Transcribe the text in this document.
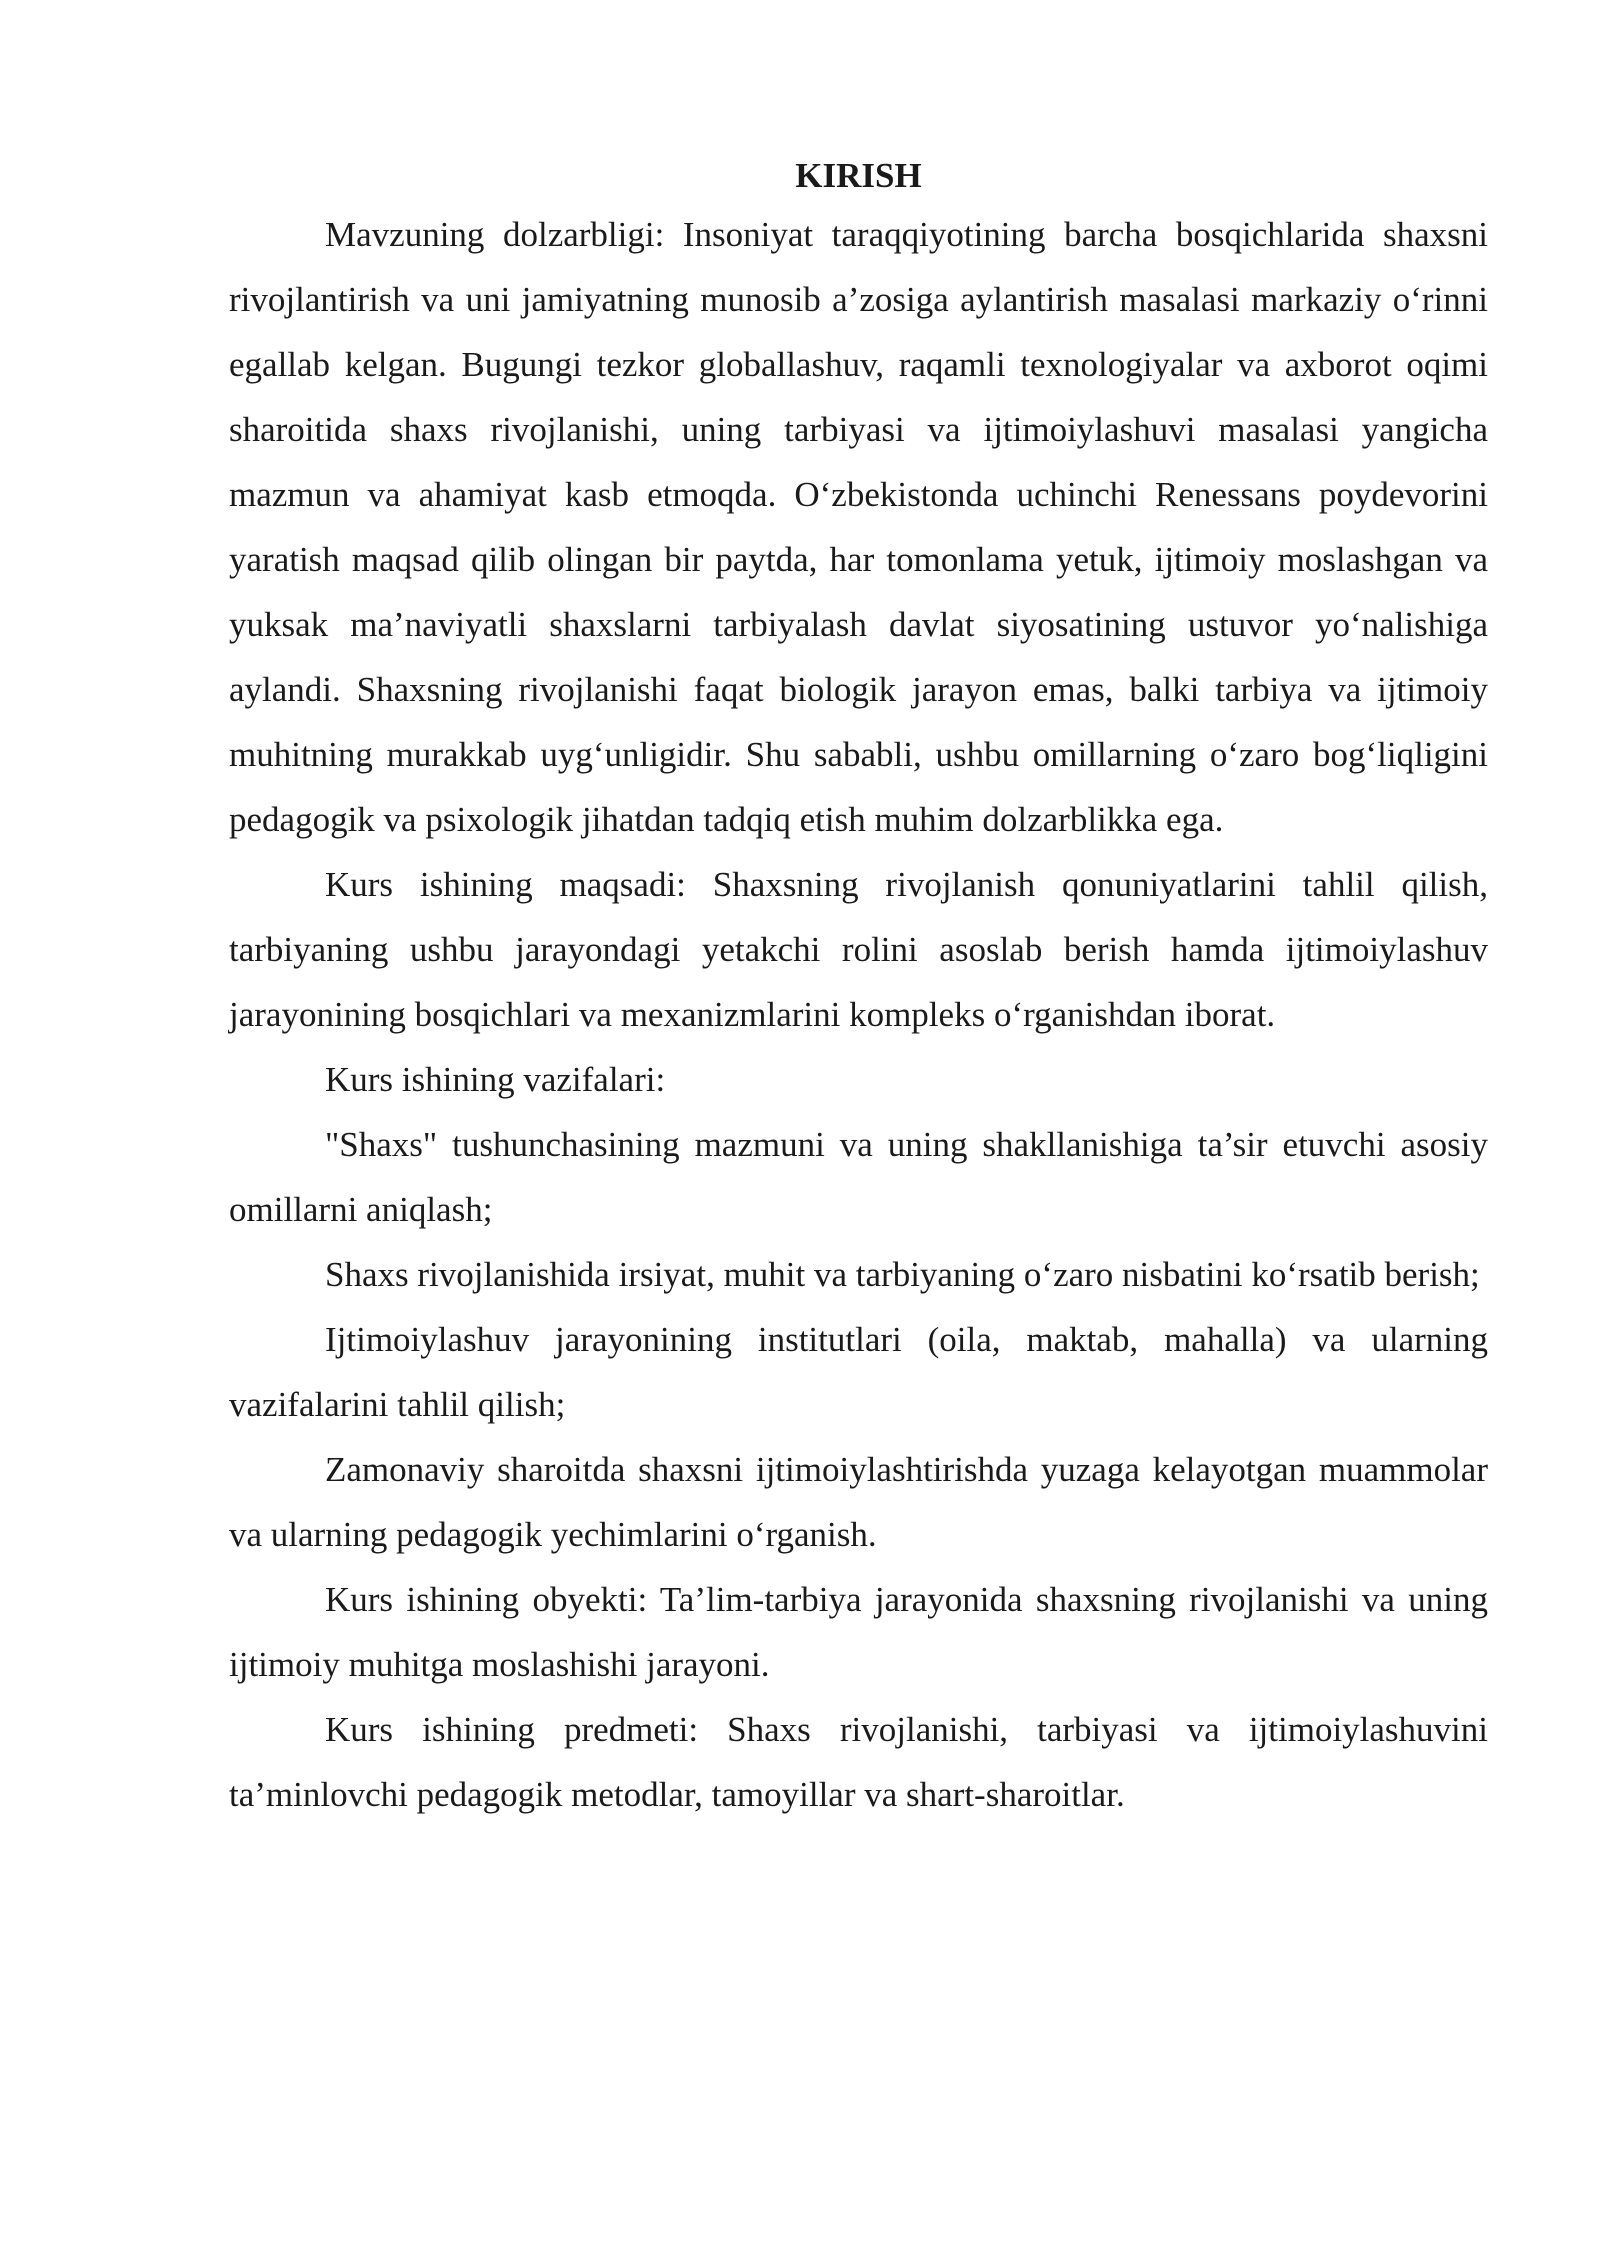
KIRISH

Mavzuning dolzarbligi: Insoniyat taraqqiyotining barcha bosqichlarida shaxsni rivojlantirish va uni jamiyatning munosib a’zosiga aylantirish masalasi markaziy o‘rinni egallab kelgan. Bugungi tezkor globallashuv, raqamli texnologiyalar va axborot oqimi sharoitida shaxs rivojlanishi, uning tarbiyasi va ijtimoiylashuvi masalasi yangicha mazmun va ahamiyat kasb etmoqda. O‘zbekistonda uchinchi Renessans poydevorini yaratish maqsad qilib olingan bir paytda, har tomonlama yetuk, ijtimoiy moslashgan va yuksak ma’naviyatli shaxslarni tarbiyalash davlat siyosatining ustuvor yo‘nalishiga aylandi. Shaxsning rivojlanishi faqat biologik jarayon emas, balki tarbiya va ijtimoiy muhitning murakkab uyg‘unligidir. Shu sababli, ushbu omillarning o‘zaro bog‘liqligini pedagogik va psixologik jihatdan tadqiq etish muhim dolzarblikka ega.

Kurs ishining maqsadi: Shaxsning rivojlanish qonuniyatlarini tahlil qilish, tarbiyaning ushbu jarayondagi yetakchi rolini asoslab berish hamda ijtimoiylashuv jarayonining bosqichlari va mexanizmlarini kompleks o‘rganishdan iborat.

Kurs ishining vazifalari:

"Shaxs" tushunchasining mazmuni va uning shakllanishiga ta’sir etuvchi asosiy omillarni aniqlash;

Shaxs rivojlanishida irsiyat, muhit va tarbiyaning o‘zaro nisbatini ko‘rsatib berish;

Ijtimoiylashuv jarayonining institutlari (oila, maktab, mahalla) va ularning vazifalarini tahlil qilish;

Zamonaviy sharoitda shaxsni ijtimoiylashtirishda yuzaga kelayotgan muammolar va ularning pedagogik yechimlarini o‘rganish.

Kurs ishining obyekti: Ta’lim-tarbiya jarayonida shaxsning rivojlanishi va uning ijtimoiy muhitga moslashishi jarayoni.

Kurs ishining predmeti: Shaxs rivojlanishi, tarbiyasi va ijtimoiylashuvini ta’minlovchi pedagogik metodlar, tamoyillar va shart-sharoitlar.
